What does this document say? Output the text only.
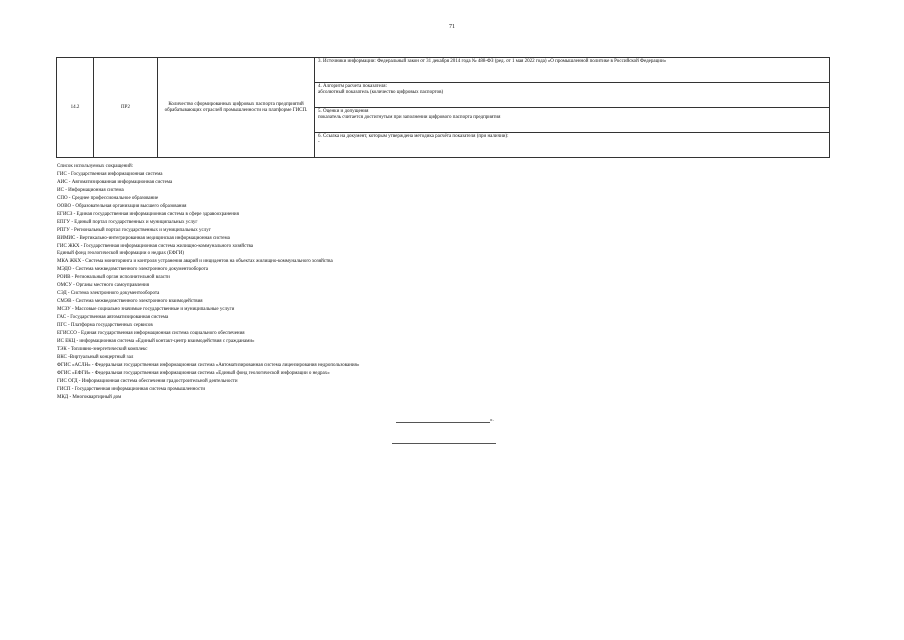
71
14.2	ПР2	Количество сформированных цифровых паспорта предприятий обрабатывающих отраслей промышленности на платформе ГИСП.	
3. Источники информации: Федеральный закон от 31 декабря 2014 года № 488-ФЗ (ред. от 1 мая 2022 года) «О промышленной политике в Российской Федерации»

4. Алгоритм расчета показателя:
абсолютный показатель (количество цифровых паспортов)

5. Оценки и допущения
показатель считается достигнутым при заполнении цифрового паспорта предприятия

6. Ссылка на документ, которым утверждена методика расчёта показателя (при наличии):
-
Список используемых сокращений:
ГИС - Государственная информационная система
АИС - Автоматизированная информационная система
ИС - Информационная система
СПО - Среднее профессиональное образование
ООВО - Образовательная организация высшего образования
ЕГИСЗ - Единая государственная информационная система в сфере здравоохранения
ЕПГУ - Единый портал государственных и муниципальных услуг
РПГУ - Региональный портал государственных и муниципальных услуг
ВИМИС - Вертикально-интегрированная медицинская информационная система
ГИС ЖКХ - Государственная информационная система жилищно-коммунального хозяйства
Единый фонд геологической информации о недрах (ЕФГИ)
МКА ЖКХ - Система мониторинга и контроля устранения аварий и инцидентов на объектах жилищно-коммунального хозяйства
МЭДО - Система межведомственного электронного документооборота
РОИВ - Региональный орган исполнительной власти
ОМСУ - Органы местного самоуправления
СЭД - Система электронного документооборота
СМЭВ - Система межведомственного электронного взаимодействия
МСЗУ - Массовые социально значимые государственные и муниципальные услуги
ГАС - Государственная автоматизированная система
ПГС - Платформа государственных сервисов
ЕГИССО - Единая государственная информационная система социального обеспечения
ИС ЕКЦ - информационная система «Единый контакт-центр взаимодействия с гражданами»
ТЭК - Топливно-энергетический комплекс
ВКС -Виртуальный концертный зал
ФГИС «АСЛН» - Федеральная государственная информационная система «Автоматизированная система лицензирования недропользования»
ФГИС «ЕФГИ» - Федеральная государственная информационная система «Единый фонд геологической информации о недрах»
ГИС ОГД - Информационная система обеспечения градостроительной деятельности
ГИСП - Государственная информационная система промышленности
МКД - Многоквартирный дом
».
